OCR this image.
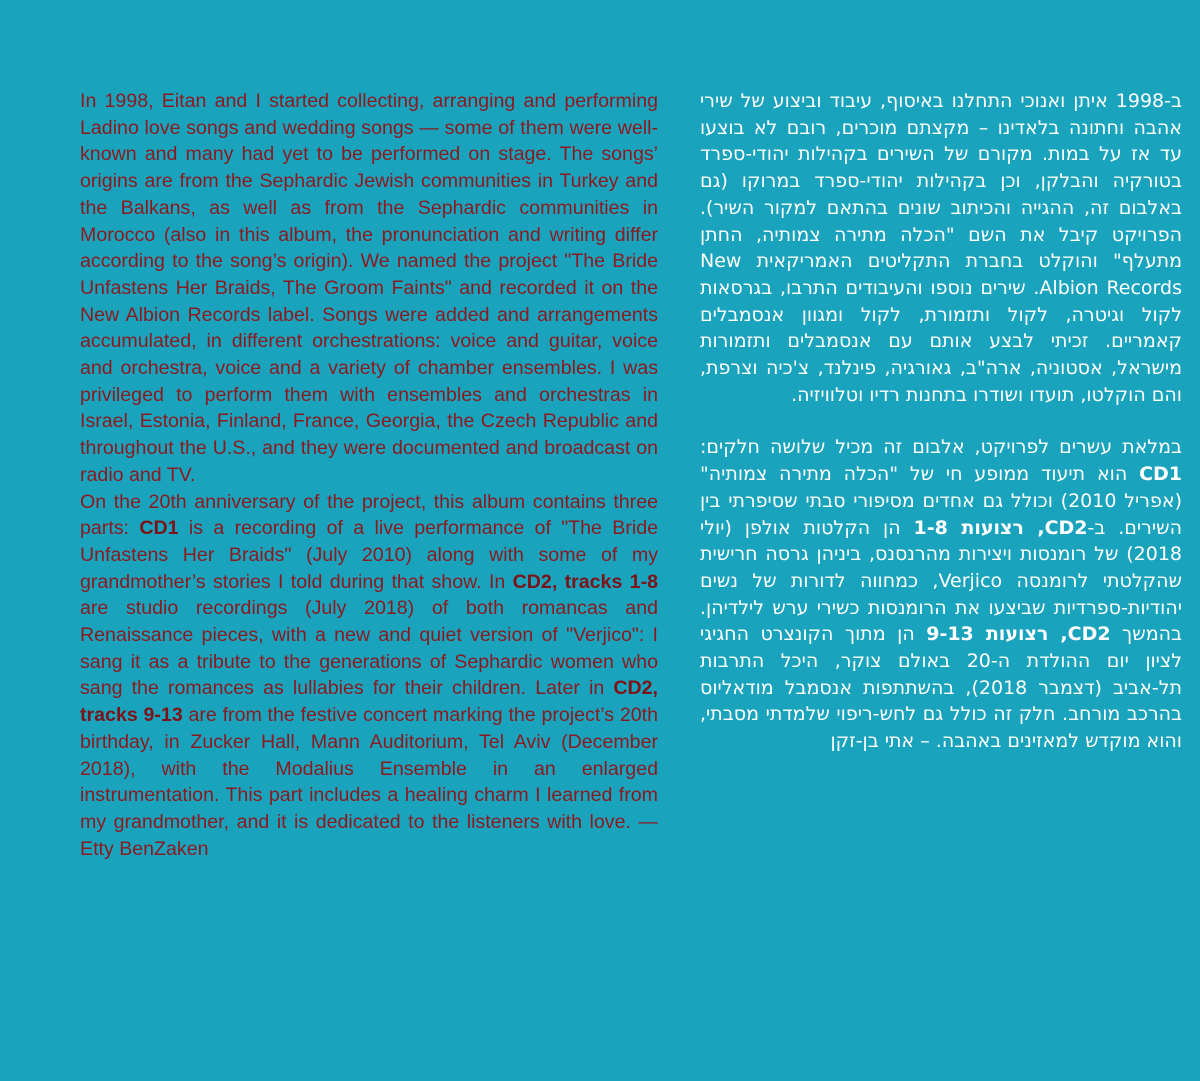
In 1998, Eitan and I started collecting, arranging and performing Ladino love songs and wedding songs — some of them were well-known and many had yet to be performed on stage. The songs’ origins are from the Sephardic Jewish communities in Turkey and the Balkans, as well as from the Sephardic communities in Morocco (also in this album, the pronunciation and writing differ according to the song’s origin). We named the project "The Bride Unfastens Her Braids, The Groom Faints" and recorded it on the New Albion Records label. Songs were added and arrangements accumulated, in different orchestrations: voice and guitar, voice and orchestra, voice and a variety of chamber ensembles. I was privileged to perform them with ensembles and orchestras in Israel, Estonia, Finland, France, Georgia, the Czech Republic and throughout the U.S., and they were documented and broadcast on radio and TV.

On the 20th anniversary of the project, this album contains three parts: CD1 is a recording of a live performance of "The Bride Unfastens Her Braids" (July 2010) along with some of my grandmother’s stories I told during that show. In CD2, tracks 1-8 are studio recordings (July 2018) of both romancas and Renaissance pieces, with a new and quiet version of "Verjico": I sang it as a tribute to the generations of Sephardic women who sang the romances as lullabies for their children. Later in CD2, tracks 9-13 are from the festive concert marking the project’s 20th birthday, in Zucker Hall, Mann Auditorium, Tel Aviv (December 2018), with the Modalius Ensemble in an enlarged instrumentation. This part includes a healing charm I learned from my grandmother, and it is dedicated to the listeners with love. — Etty BenZaken

ב-1998 איתן ואנוכי התחלנו באיסוף, עיבוד וביצוע של שירי אהבה וחתונה בלאדינו – מקצתם מוכרים, רובם לא בוצעו עד אז על במות. מקורם של השירים בקהילות יהודי-ספרד בטורקיה והבלקן, וכן בקהילות יהודי-ספרד במרוקו (גם באלבום זה, ההגייה והכיתוב שונים בהתאם למקור השיר). הפרויקט קיבל את השם "הכלה מתירה צמותיה, החתן מתעלף" והוקלט בחברת התקליטים האמריקאית New Albion Records. שירים נוספו והעיבודים התרבו, בגרסאות לקול וגיטרה, לקול ותזמורת, לקול ומגוון אנסמבלים קאמריים. זכיתי לבצע אותם עם אנסמבלים ותזמורות מישראל, אסטוניה, ארה"ב, גאורגיה, פינלנד, צ'כיה וצרפת, והם הוקלטו, תועדו ושודרו בתחנות רדיו וטלוויזיה.

במלאת עשרים לפרויקט, אלבום זה מכיל שלושה חלקים: CD1 הוא תיעוד ממופע חי של "הכלה מתירה צמותיה" (אפריל 2010) וכולל גם אחדים מסיפורי סבתי שסיפרתי בין השירים. ב-CD2, רצועות 1-8 הן הקלטות אולפן (יולי 2018) של רומנסות ויצירות מהרנסנס, ביניהן גרסה חרישית שהקלטתי לרומנסה Verjico, כמחווה לדורות של נשים יהודיות-ספרדיות שביצעו את הרומנסות כשירי ערש לילדיהן. בהמשך CD2, רצועות 9-13 הן מתוך הקונצרט החגיגי לציון יום ההולדת ה-20 באולם צוקר, היכל התרבות תל-אביב (דצמבר 2018), בהשתתפות אנסמבל מודאליוס בהרכב מורחב. חלק זה כולל גם לחש-ריפוי שלמדתי מסבתי, והוא מוקדש למאזינים באהבה. – אתי בן-זקן
